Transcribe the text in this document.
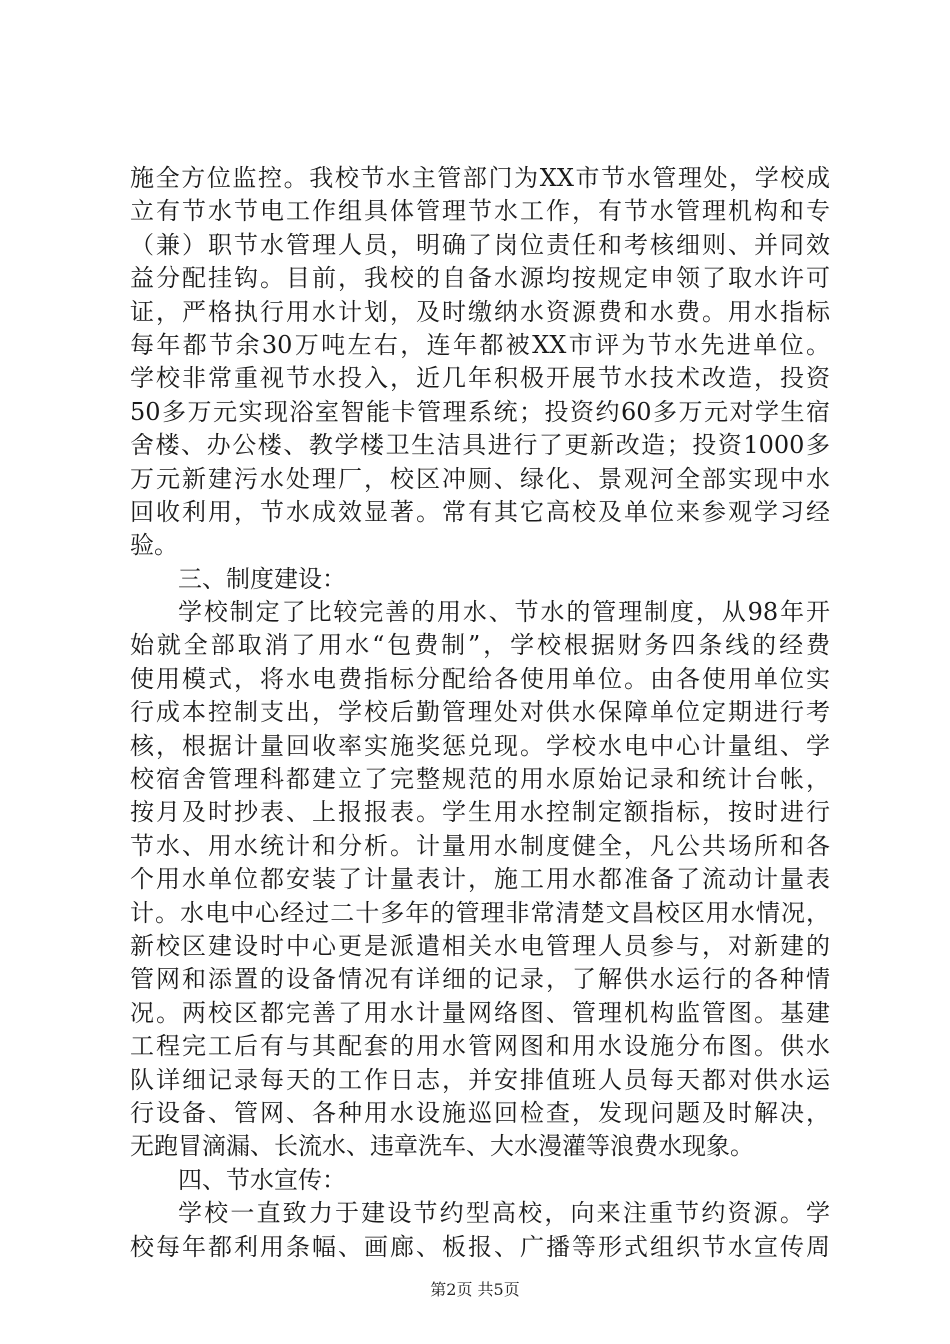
施全方位监控。我校节水主管部门为XX市节水管理处，学校成
立有节水节电工作组具体管理节水工作，有节水管理机构和专
（兼）职节水管理人员，明确了岗位责任和考核细则、并同效
益分配挂钩。目前，我校的自备水源均按规定申领了取水许可
证，严格执行用水计划，及时缴纳水资源费和水费。用水指标
每年都节余30万吨左右，连年都被XX市评为节水先进单位。
学校非常重视节水投入，近几年积极开展节水技术改造，投资
50多万元实现浴室智能卡管理系统；投资约60多万元对学生宿
舍楼、办公楼、教学楼卫生洁具进行了更新改造；投资1000多
万元新建污水处理厂，校区冲厕、绿化、景观河全部实现中水
回收利用，节水成效显著。常有其它高校及单位来参观学习经
验。
三、制度建设：
学校制定了比较完善的用水、节水的管理制度，从98年开
始就全部取消了用水“包费制”，学校根据财务四条线的经费
使用模式，将水电费指标分配给各使用单位。由各使用单位实
行成本控制支出，学校后勤管理处对供水保障单位定期进行考
核，根据计量回收率实施奖惩兑现。学校水电中心计量组、学
校宿舍管理科都建立了完整规范的用水原始记录和统计台帐，
按月及时抄表、上报报表。学生用水控制定额指标，按时进行
节水、用水统计和分析。计量用水制度健全，凡公共场所和各
个用水单位都安装了计量表计，施工用水都准备了流动计量表
计。水电中心经过二十多年的管理非常清楚文昌校区用水情况，
新校区建设时中心更是派遣相关水电管理人员参与，对新建的
管网和添置的设备情况有详细的记录，了解供水运行的各种情
况。两校区都完善了用水计量网络图、管理机构监管图。基建
工程完工后有与其配套的用水管网图和用水设施分布图。供水
队详细记录每天的工作日志，并安排值班人员每天都对供水运
行设备、管网、各种用水设施巡回检查，发现问题及时解决，
无跑冒滴漏、长流水、违章洗车、大水漫灌等浪费水现象。
四、节水宣传：
学校一直致力于建设节约型高校，向来注重节约资源。学
校每年都利用条幅、画廊、板报、广播等形式组织节水宣传周
第2页 共5页
